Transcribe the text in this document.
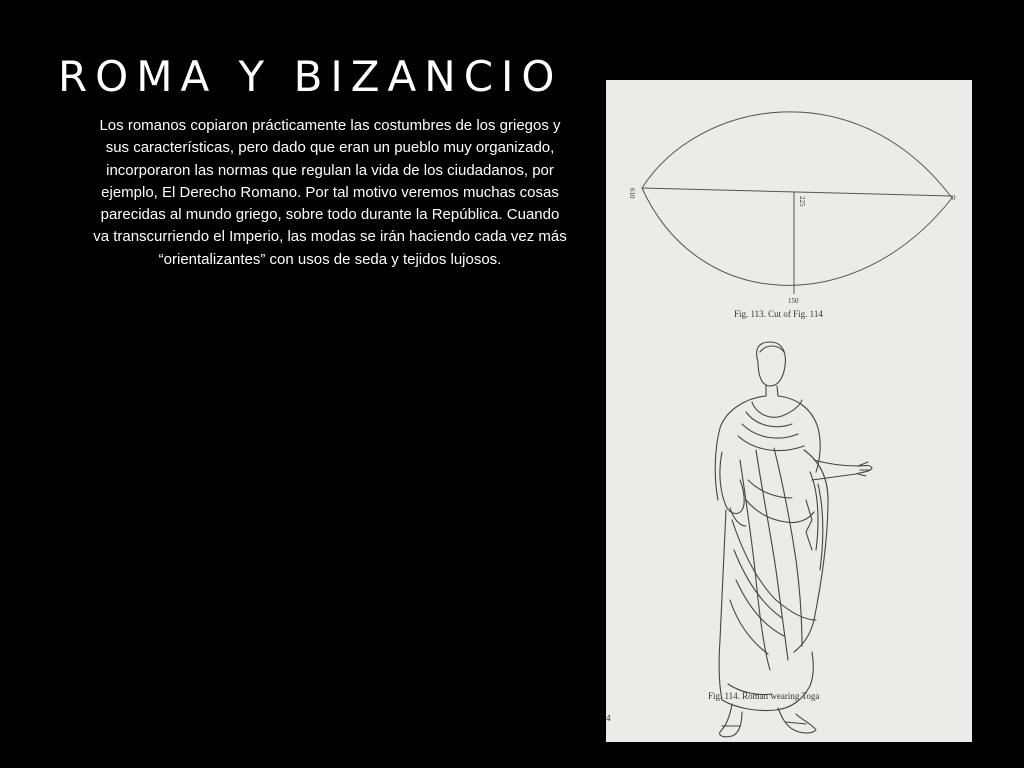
ROMA Y BIZANCIO

Los romanos copiaron prácticamente las costumbres de los griegos y sus características, pero dado que eran un pueblo muy organizado, incorporaron las normas que regulan la vida de los ciudadanos, por ejemplo, El Derecho Romano. Por tal motivo veremos muchas cosas parecidas al mundo griego, sobre todo durante la República. Cuando va transcurriendo el Imperio, las modas se irán haciendo cada vez más “orientalizantes” con usos de seda y tejidos lujosos.

610	0
225
150
Fig. 113. Cut of Fig. 114
Fig. 114. Roman wearing Toga
4
